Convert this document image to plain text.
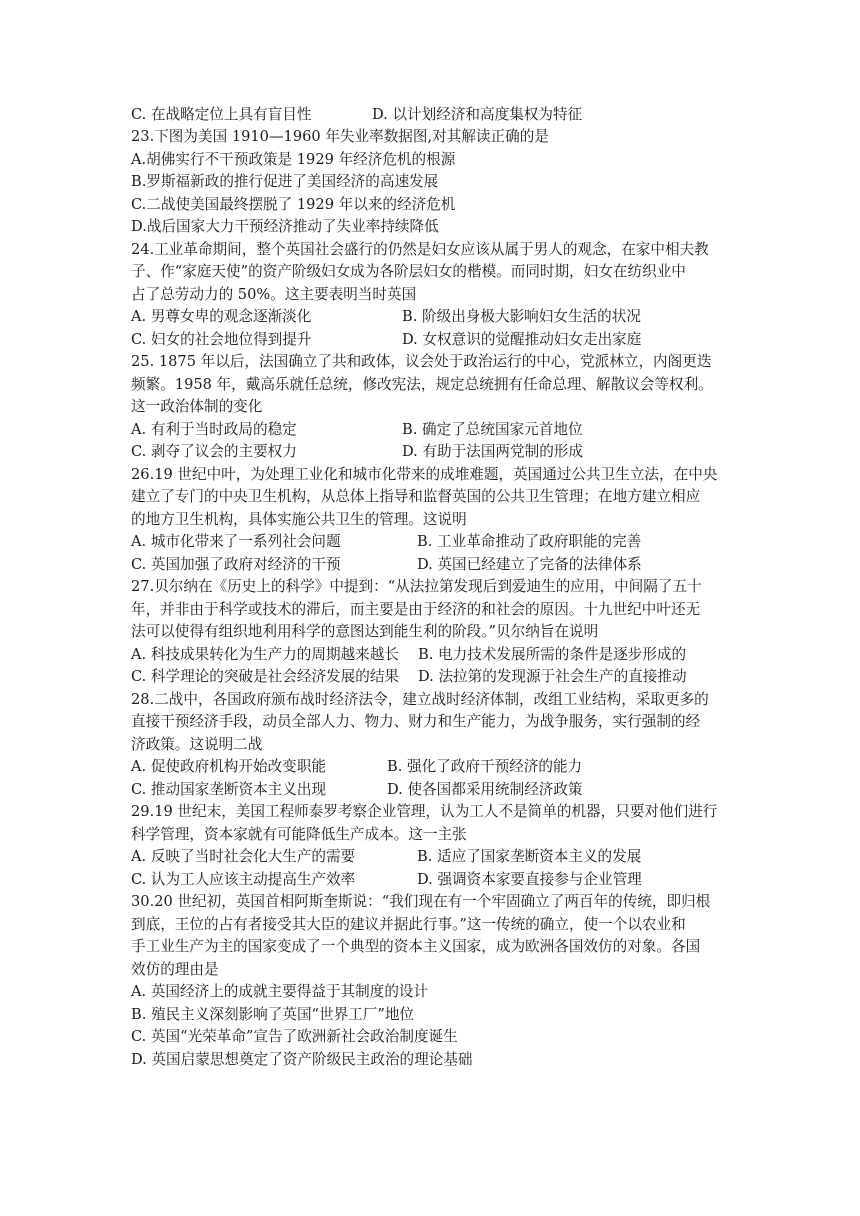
C. 在战略定位上具有盲目性	D. 以计划经济和高度集权为特征
23.下图为美国 1910—1960 年失业率数据图,对其解读正确的是
A.胡佛实行不干预政策是 1929 年经济危机的根源
B.罗斯福新政的推行促进了美国经济的高速发展
C.二战使美国最终摆脱了 1929 年以来的经济危机
D.战后国家大力干预经济推动了失业率持续降低
24.工业革命期间，整个英国社会盛行的仍然是妇女应该从属于男人的观念，在家中相夫教
子、作“家庭天使”的资产阶级妇女成为各阶层妇女的楷模。而同时期，妇女在纺织业中
占了总劳动力的 50%。这主要表明当时英国
A. 男尊女卑的观念逐渐淡化	B. 阶级出身极大影响妇女生活的状况
C. 妇女的社会地位得到提升	D. 女权意识的觉醒推动妇女走出家庭
25. 1875 年以后，法国确立了共和政体，议会处于政治运行的中心，党派林立，内阁更迭
频繁。1958 年，戴高乐就任总统，修改宪法，规定总统拥有任命总理、解散议会等权利。
这一政治体制的变化
A. 有利于当时政局的稳定	B. 确定了总统国家元首地位
C. 剥夺了议会的主要权力	D. 有助于法国两党制的形成
26.19 世纪中叶，为处理工业化和城市化带来的成堆难题，英国通过公共卫生立法，在中央
建立了专门的中央卫生机构，从总体上指导和监督英国的公共卫生管理；在地方建立相应
的地方卫生机构，具体实施公共卫生的管理。这说明
A. 城市化带来了一系列社会问题	B. 工业革命推动了政府职能的完善
C. 英国加强了政府对经济的干预	D. 英国已经建立了完备的法律体系
27.贝尔纳在《历史上的科学》中提到：“从法拉第发现后到爱迪生的应用，中间隔了五十
年，并非由于科学或技术的滞后，而主要是由于经济的和社会的原因。十九世纪中叶还无
法可以使得有组织地利用科学的意图达到能生利的阶段。”贝尔纳旨在说明
A. 科技成果转化为生产力的周期越来越长 B. 电力技术发展所需的条件是逐步形成的
C. 科学理论的突破是社会经济发展的结果 D. 法拉第的发现源于社会生产的直接推动
28.二战中，各国政府颁布战时经济法令，建立战时经济体制，改组工业结构，采取更多的
直接干预经济手段，动员全部人力、物力、财力和生产能力，为战争服务，实行强制的经
济政策。这说明二战
A. 促使政府机构开始改变职能	B. 强化了政府干预经济的能力
C. 推动国家垄断资本主义出现	D. 使各国都采用统制经济政策
29.19 世纪末，美国工程师泰罗考察企业管理，认为工人不是简单的机器，只要对他们进行
科学管理，资本家就有可能降低生产成本。这一主张
A. 反映了当时社会化大生产的需要	B. 适应了国家垄断资本主义的发展
C. 认为工人应该主动提高生产效率	D. 强调资本家要直接参与企业管理
30.20 世纪初，英国首相阿斯奎斯说：“我们现在有一个牢固确立了两百年的传统，即归根
到底，王位的占有者接受其大臣的建议并据此行事。”这一传统的确立，使一个以农业和
手工业生产为主的国家变成了一个典型的资本主义国家，成为欧洲各国效仿的对象。各国
效仿的理由是
A. 英国经济上的成就主要得益于其制度的设计
B. 殖民主义深刻影响了英国“世界工厂”地位
C. 英国“光荣革命”宣告了欧洲新社会政治制度诞生
D. 英国启蒙思想奠定了资产阶级民主政治的理论基础
